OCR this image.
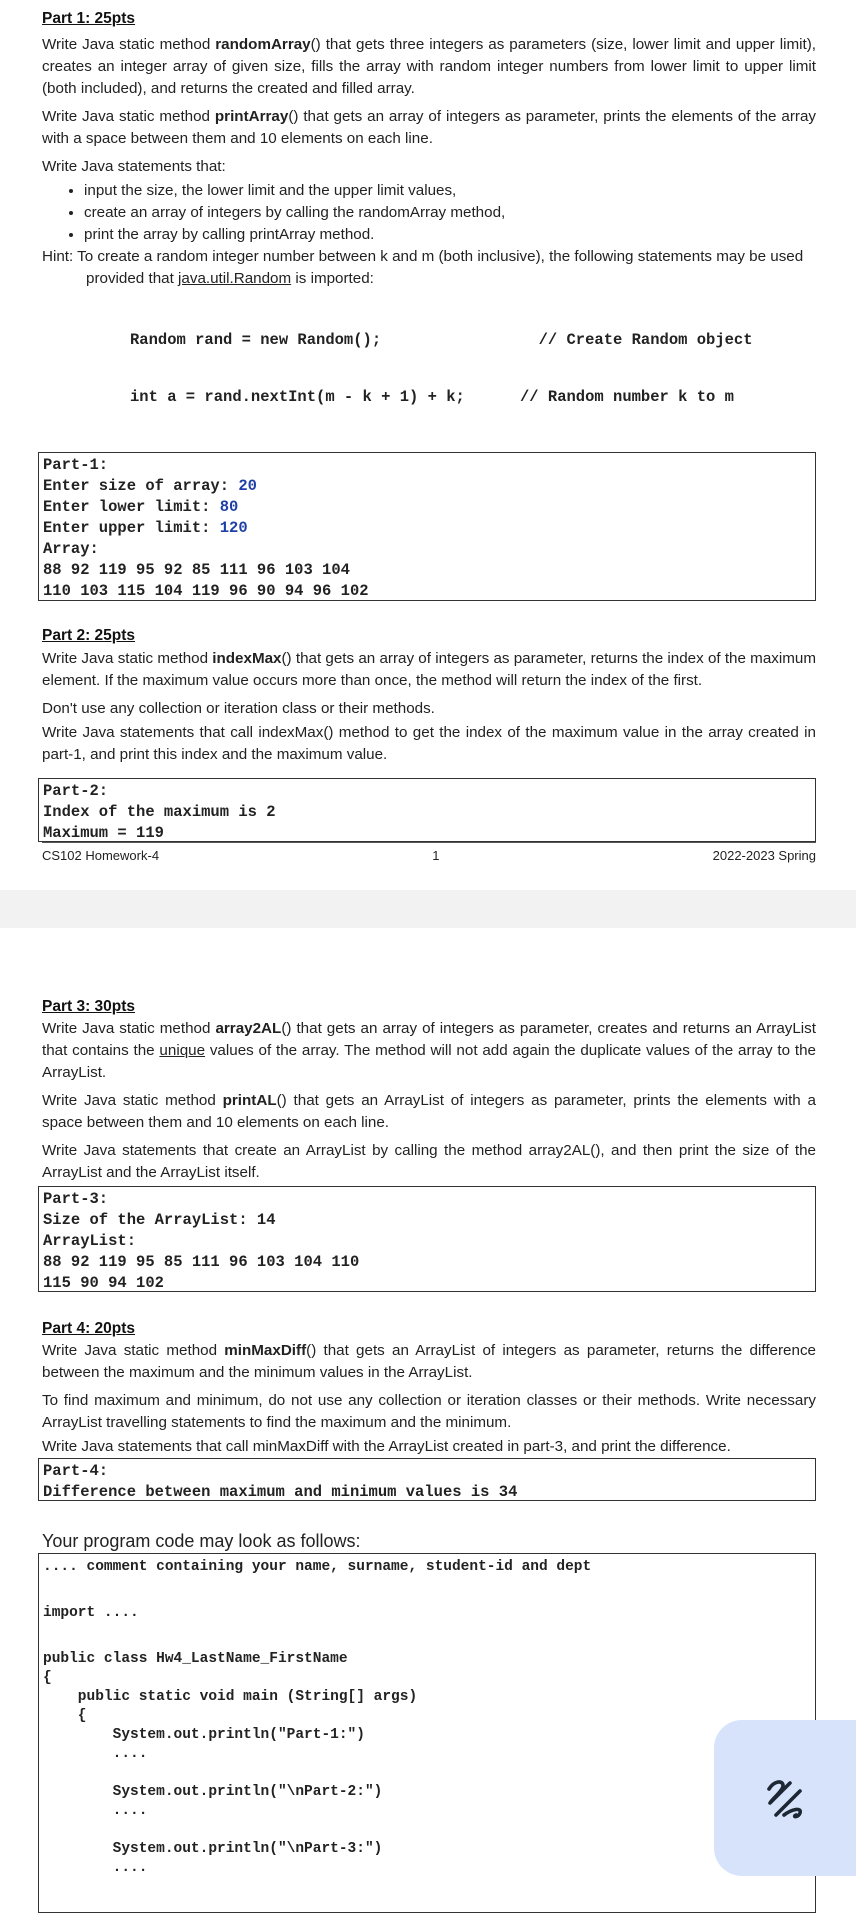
Part 1: 25pts

Write Java static method randomArray() that gets three integers as parameters (size, lower limit and upper limit), creates an integer array of given size, fills the array with random integer numbers from lower limit to upper limit (both included), and returns the created and filled array.

Write Java static method printArray() that gets an array of integers as parameter, prints the elements of the array with a space between them and 10 elements on each line.

Write Java statements that:

• input the size, the lower limit and the upper limit values,
• create an array of integers by calling the randomArray method,
• print the array by calling printArray method.
Hint: To create a random integer number between k and m (both inclusive), the following statements may be used provided that java.util.Random is imported:

Random rand = new Random();	// Create Random object

int a = rand.nextInt(m - k + 1) + k;	// Random number k to m

Part-1:
Enter size of array: 20
Enter lower limit: 80
Enter upper limit: 120
Array:
88 92 119 95 92 85 111 96 103 104
110 103 115 104 119 96 90 94 96 102
Part 2: 25pts

Write Java static method indexMax() that gets an array of integers as parameter, returns the index of the maximum element. If the maximum value occurs more than once, the method will return the index of the first.

Don't use any collection or iteration class or their methods.

Write Java statements that call indexMax() method to get the index of the maximum value in the array created in part-1, and print this index and the maximum value.

Part-2:
Index of the maximum is 2
Maximum = 119
CS102 Homework-4	1	2022-2023 Spring
Part 3: 30pts

Write Java static method array2AL() that gets an array of integers as parameter, creates and returns an ArrayList that contains the unique values of the array. The method will not add again the duplicate values of the array to the ArrayList.

Write Java static method printAL() that gets an ArrayList of integers as parameter, prints the elements with a space between them and 10 elements on each line.

Write Java statements that create an ArrayList by calling the method array2AL(), and then print the size of the ArrayList and the ArrayList itself.

Part-3:
Size of the ArrayList: 14
ArrayList:
88 92 119 95 85 111 96 103 104 110
115 90 94 102
Part 4: 20pts

Write Java static method minMaxDiff() that gets an ArrayList of integers as parameter, returns the difference between the maximum and the minimum values in the ArrayList.

To find maximum and minimum, do not use any collection or iteration classes or their methods. Write necessary ArrayList travelling statements to find the maximum and the minimum.

Write Java statements that call minMaxDiff with the ArrayList created in part-3, and print the difference.

Part-4:
Difference between maximum and minimum values is 34
Your program code may look as follows:
.... comment containing your name, surname, student-id and dept
import ....
public class Hw4_LastName_FirstName
{
public static void main (String[] args)
{
System.out.println("Part-1:")
....
System.out.println("\nPart-2:")
....
System.out.println("\nPart-3:")
....
